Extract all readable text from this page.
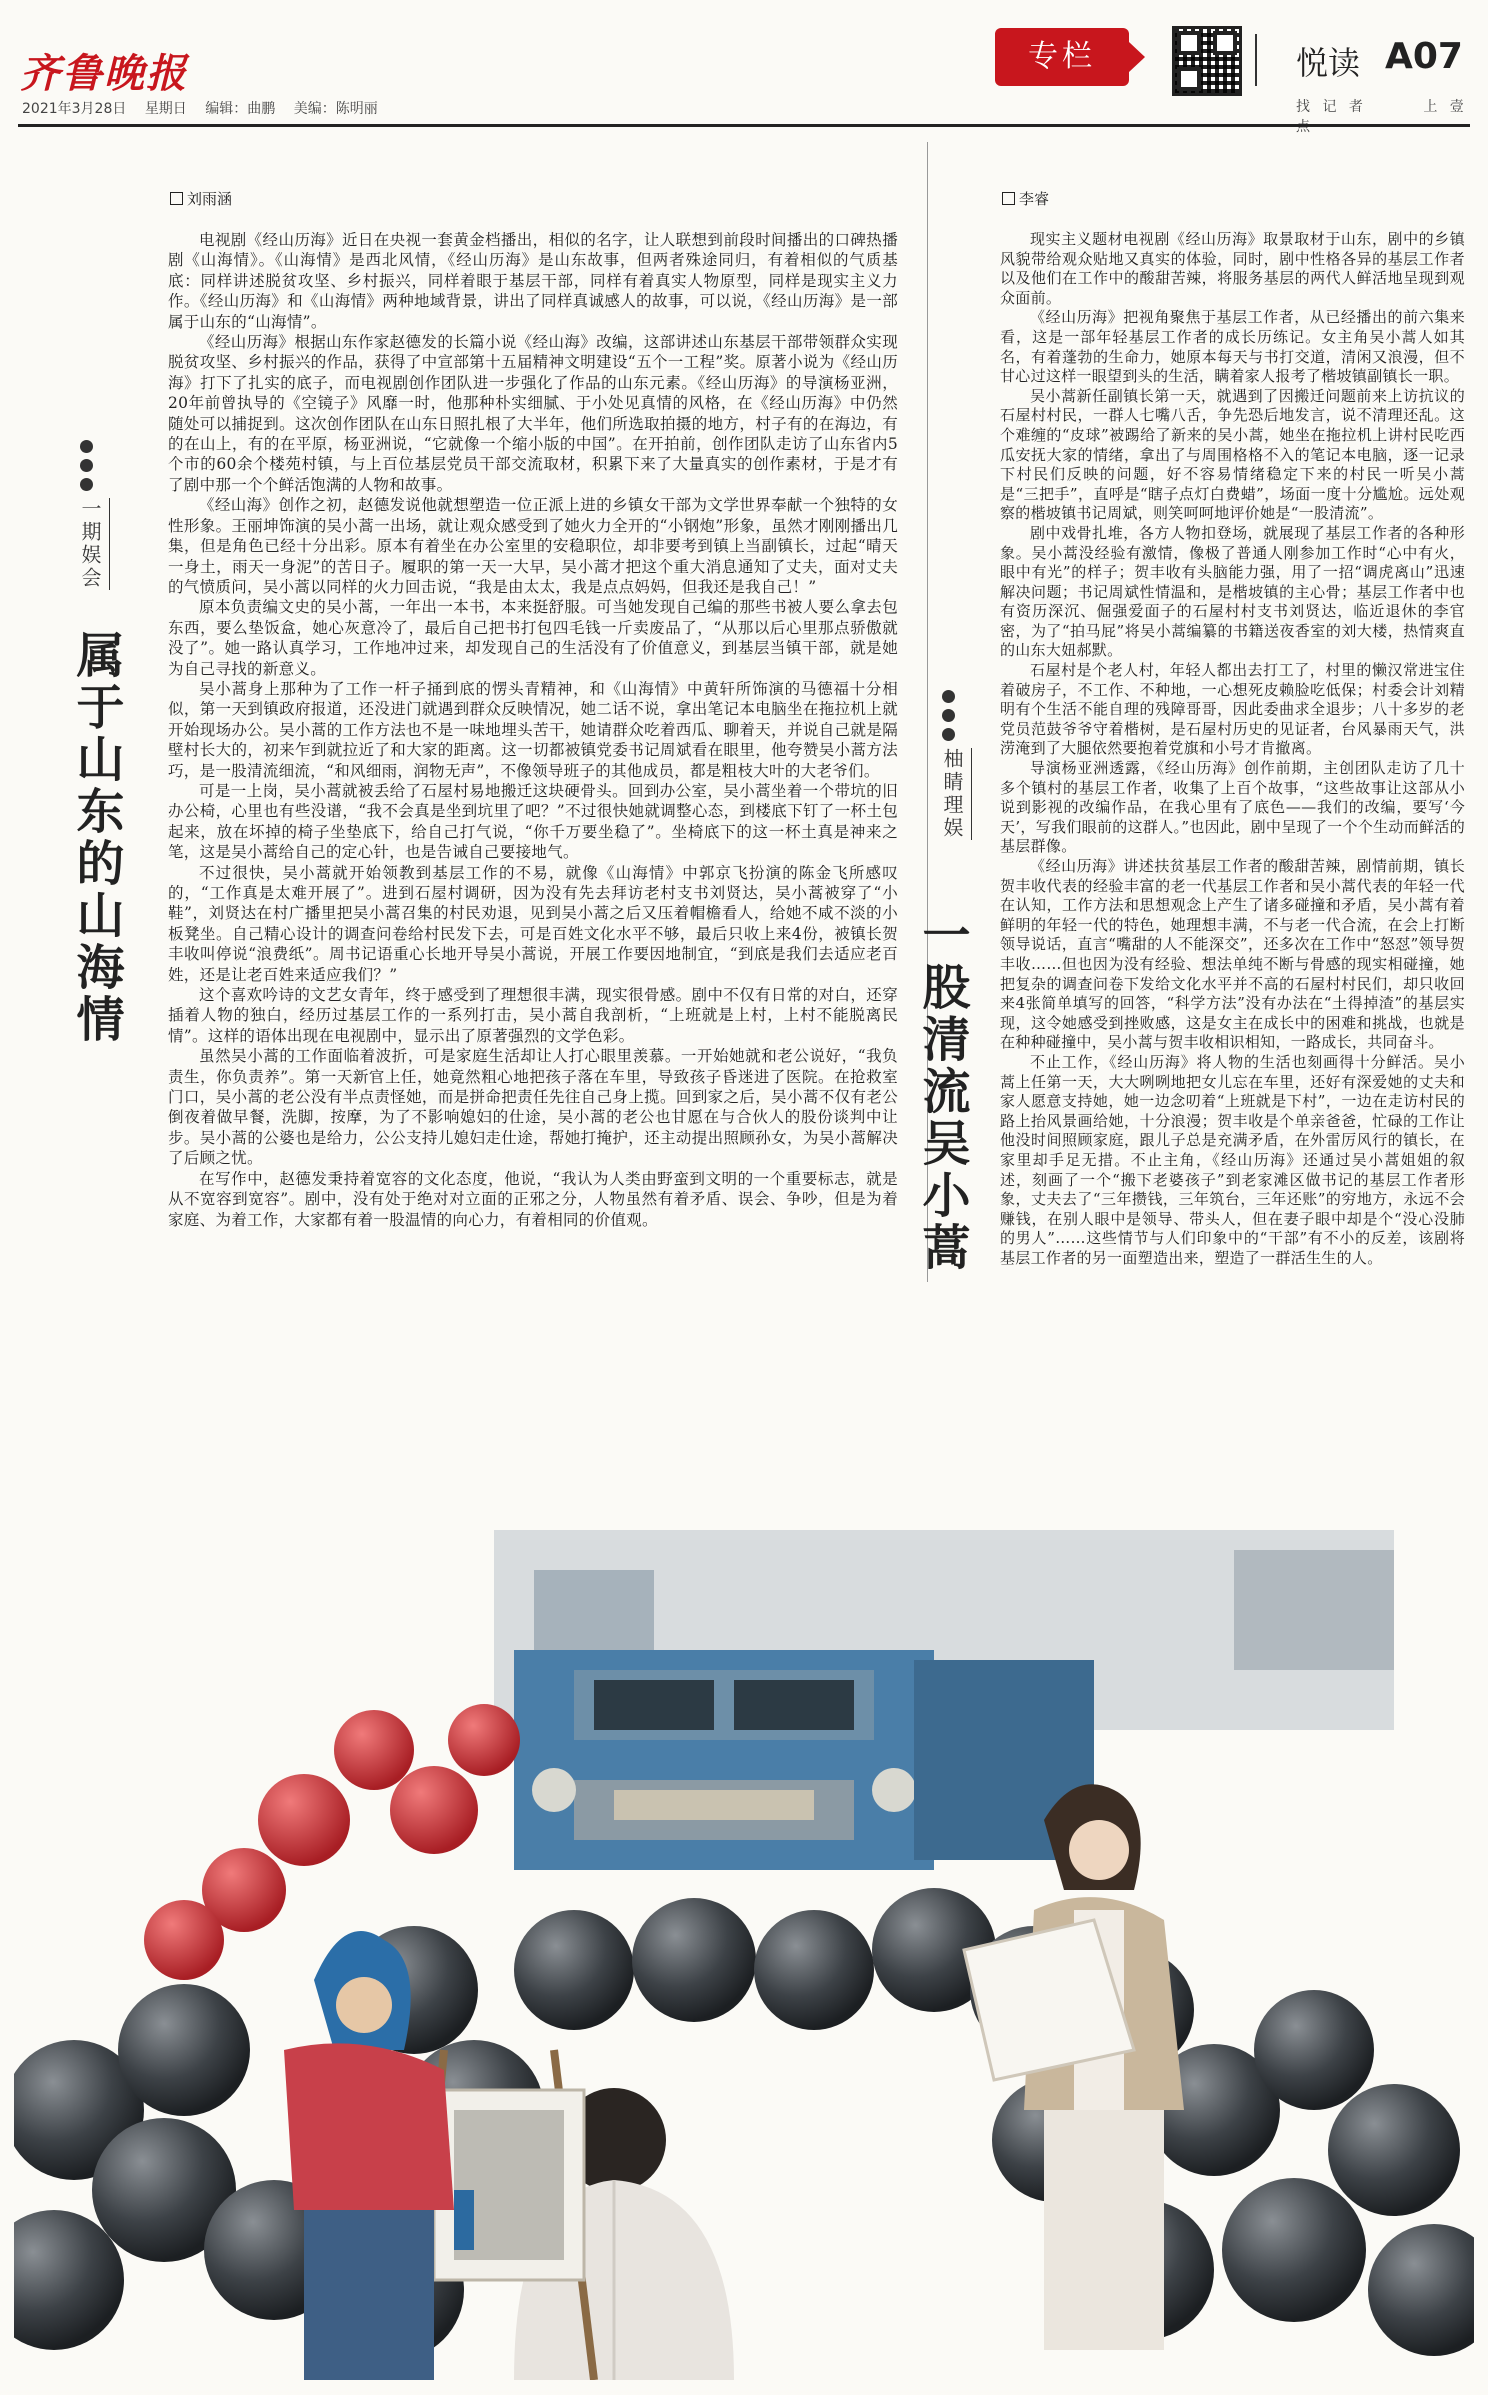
齐鲁晚报
2021年3月28日 星期日 编辑：曲鹏 美编：陈明丽
专栏	悦读 A07
找 记 者	上 壹 点
刘雨涵
一期娱会
属于山东的山海情

电视剧《经山历海》近日在央视一套黄金档播出，相似的名字，让人联想到前段时间播出的口碑热播剧《山海情》。《山海情》是西北风情，《经山历海》是山东故事，但两者殊途同归，有着相似的气质基底：同样讲述脱贫攻坚、乡村振兴，同样着眼于基层干部，同样有着真实人物原型，同样是现实主义力作。《经山历海》和《山海情》两种地域背景，讲出了同样真诚感人的故事，可以说，《经山历海》是一部属于山东的“山海情”。

《经山历海》根据山东作家赵德发的长篇小说《经山海》改编，这部讲述山东基层干部带领群众实现脱贫攻坚、乡村振兴的作品，获得了中宣部第十五届精神文明建设“五个一工程”奖。原著小说为《经山历海》打下了扎实的底子，而电视剧创作团队进一步强化了作品的山东元素。《经山历海》的导演杨亚洲，20年前曾执导的《空镜子》风靡一时，他那种朴实细腻、于小处见真情的风格，在《经山历海》中仍然随处可以捕捉到。这次创作团队在山东日照扎根了大半年，他们所选取拍摄的地方，村子有的在海边，有的在山上，有的在平原，杨亚洲说，“它就像一个缩小版的中国”。在开拍前，创作团队走访了山东省内5个市的60余个楼苑村镇，与上百位基层党员干部交流取材，积累下来了大量真实的创作素材，于是才有了剧中那一个个鲜活饱满的人物和故事。

《经山海》创作之初，赵德发说他就想塑造一位正派上进的乡镇女干部为文学世界奉献一个独特的女性形象。王丽坤饰演的吴小蒿一出场，就让观众感受到了她火力全开的“小钢炮”形象，虽然才刚刚播出几集，但是角色已经十分出彩。原本有着坐在办公室里的安稳职位，却非要考到镇上当副镇长，过起“晴天一身土，雨天一身泥”的苦日子。履职的第一天一大早，吴小蒿才把这个重大消息通知了丈夫，面对丈夫的气愤质问，吴小蒿以同样的火力回击说，“我是由太太，我是点点妈妈，但我还是我自己！”

原本负责编文史的吴小蒿，一年出一本书，本来挺舒服。可当她发现自己编的那些书被人要么拿去包东西，要么垫饭盒，她心灰意冷了，最后自己把书打包四毛钱一斤卖废品了，“从那以后心里那点骄傲就没了”。她一路认真学习，工作地冲过来，却发现自己的生活没有了价值意义，到基层当镇干部，就是她为自己寻找的新意义。

吴小蒿身上那种为了工作一杆子捅到底的愣头青精神，和《山海情》中黄轩所饰演的马德福十分相似，第一天到镇政府报道，还没进门就遇到群众反映情况，她二话不说，拿出笔记本电脑坐在拖拉机上就开始现场办公。吴小蒿的工作方法也不是一味地埋头苦干，她请群众吃着西瓜、聊着天，并说自己就是隔壁村长大的，初来乍到就拉近了和大家的距离。这一切都被镇党委书记周斌看在眼里，他夸赞吴小蒿方法巧，是一股清流细流，“和风细雨，润物无声”，不像领导班子的其他成员，都是粗枝大叶的大老爷们。

可是一上岗，吴小蒿就被丢给了石屋村易地搬迁这块硬骨头。回到办公室，吴小蒿坐着一个带坑的旧办公椅，心里也有些没谱，“我不会真是坐到坑里了吧？”不过很快她就调整心态，到楼底下钉了一杯土包起来，放在坏掉的椅子坐垫底下，给自己打气说，“你千万要坐稳了”。坐椅底下的这一杯土真是神来之笔，这是吴小蒿给自己的定心针，也是告诫自己要接地气。

不过很快，吴小蒿就开始领教到基层工作的不易，就像《山海情》中郭京飞扮演的陈金飞所感叹的，“工作真是太难开展了”。进到石屋村调研，因为没有先去拜访老村支书刘贤达，吴小蒿被穿了“小鞋”，刘贤达在村广播里把吴小蒿召集的村民劝退，见到吴小蒿之后又压着帽檐看人，给她不咸不淡的小板凳坐。自己精心设计的调查问卷给村民发下去，可是百姓文化水平不够，最后只收上来4份，被镇长贺丰收叫停说“浪费纸”。周书记语重心长地开导吴小蒿说，开展工作要因地制宜，“到底是我们去适应老百姓，还是让老百姓来适应我们？”

这个喜欢吟诗的文艺女青年，终于感受到了理想很丰满，现实很骨感。剧中不仅有日常的对白，还穿插着人物的独白，经历过基层工作的一系列打击，吴小蒿自我剖析，“上班就是上村，上村不能脱离民情”。这样的语体出现在电视剧中，显示出了原著强烈的文学色彩。

虽然吴小蒿的工作面临着波折，可是家庭生活却让人打心眼里羡慕。一开始她就和老公说好，“我负责生，你负责养”。第一天新官上任，她竟然粗心地把孩子落在车里，导致孩子昏迷进了医院。在抢救室门口，吴小蒿的老公没有半点责怪她，而是拼命把责任先往自己身上揽。回到家之后，吴小蒿不仅有老公倒夜着做早餐，洗脚，按摩，为了不影响媳妇的仕途，吴小蒿的老公也甘愿在与合伙人的股份谈判中让步。吴小蒿的公婆也是给力，公公支持儿媳妇走仕途，帮她打掩护，还主动提出照顾孙女，为吴小蒿解决了后顾之忧。

在写作中，赵德发秉持着宽容的文化态度，他说，“我认为人类由野蛮到文明的一个重要标志，就是从不宽容到宽容”。剧中，没有处于绝对对立面的正邪之分，人物虽然有着矛盾、误会、争吵，但是为着家庭、为着工作，大家都有着一股温情的向心力，有着相同的价值观。

李睿
柚睛理娱
一股清流吴小蒿

现实主义题材电视剧《经山历海》取景取材于山东，剧中的乡镇风貌带给观众贴地又真实的体验，同时，剧中性格各异的基层工作者以及他们在工作中的酸甜苦辣，将服务基层的两代人鲜活地呈现到观众面前。

《经山历海》把视角聚焦于基层工作者，从已经播出的前六集来看，这是一部年轻基层工作者的成长历练记。女主角吴小蒿人如其名，有着蓬勃的生命力，她原本每天与书打交道，清闲又浪漫，但不甘心过这样一眼望到头的生活，瞒着家人报考了楷坡镇副镇长一职。

吴小蒿新任副镇长第一天，就遇到了因搬迁问题前来上访抗议的石屋村村民，一群人七嘴八舌，争先恐后地发言，说不清理还乱。这个难缠的“皮球”被踢给了新来的吴小蒿，她坐在拖拉机上讲村民吃西瓜安抚大家的情绪，拿出了与周围格格不入的笔记本电脑，逐一记录下村民们反映的问题，好不容易情绪稳定下来的村民一听吴小蒿是“三把手”，直呼是“瞎子点灯白费蜡”，场面一度十分尴尬。远处观察的楷坡镇书记周斌，则笑呵呵地评价她是“一股清流”。

剧中戏骨扎堆，各方人物扣登场，就展现了基层工作者的各种形象。吴小蒿没经验有激情，像极了普通人刚参加工作时“心中有火，眼中有光”的样子；贺丰收有头脑能力强，用了一招“调虎离山”迅速解决问题；书记周斌性情温和，是楷坡镇的主心骨；基层工作者中也有资历深沉、倔强爱面子的石屋村村支书刘贤达，临近退休的李官密，为了“拍马屁”将吴小蒿编纂的书籍送夜香室的刘大楼，热情爽直的山东大妞郝默。

石屋村是个老人村，年轻人都出去打工了，村里的懒汉常进宝住着破房子，不工作、不种地，一心想死皮赖脸吃低保；村委会计刘精明有个生活不能自理的残障哥哥，因此委曲求全退步；八十多岁的老党员范鼓爷爷守着楷树，是石屋村历史的见证者，台风暴雨天气，洪涝淹到了大腿依然要抱着党旗和小号才肯撤离。

导演杨亚洲透露，《经山历海》创作前期，主创团队走访了几十多个镇村的基层工作者，收集了上百个故事，“这些故事让这部从小说到影视的改编作品，在我心里有了底色——我们的改编，要写‘今天’，写我们眼前的这群人。”也因此，剧中呈现了一个个生动而鲜活的基层群像。

《经山历海》讲述扶贫基层工作者的酸甜苦辣，剧情前期，镇长贺丰收代表的经验丰富的老一代基层工作者和吴小蒿代表的年轻一代在认知，工作方法和思想观念上产生了诸多碰撞和矛盾，吴小蒿有着鲜明的年轻一代的特色，她理想丰满，不与老一代合流，在会上打断领导说话，直言“嘴甜的人不能深交”，还多次在工作中“怒怼”领导贺丰收……但也因为没有经验、想法单纯不断与骨感的现实相碰撞，她把复杂的调查问卷下发给文化水平并不高的石屋村村民们，却只收回来4张简单填写的回答，“科学方法”没有办法在“土得掉渣”的基层实现，这令她感受到挫败感，这是女主在成长中的困难和挑战，也就是在种种碰撞中，吴小蒿与贺丰收相识相知，一路成长，共同奋斗。

不止工作，《经山历海》将人物的生活也刻画得十分鲜活。吴小蒿上任第一天，大大咧咧地把女儿忘在车里，还好有深爱她的丈夫和家人愿意支持她，她一边念叨着“上班就是下村”，一边在走访村民的路上抬风景画给她，十分浪漫；贺丰收是个单亲爸爸，忙碌的工作让他没时间照顾家庭，跟儿子总是充满矛盾，在外雷厉风行的镇长，在家里却手足无措。不止主角，《经山历海》还通过吴小蒿姐姐的叙述，刻画了一个“搬下老婆孩子”到老家滩区做书记的基层工作者形象，丈夫去了“三年攒钱，三年筑台，三年还账”的穷地方，永远不会赚钱，在别人眼中是领导、带头人，但在妻子眼中却是个“没心没肺的男人”……这些情节与人们印象中的“干部”有不小的反差，该剧将基层工作者的另一面塑造出来，塑造了一群活生生的人。
